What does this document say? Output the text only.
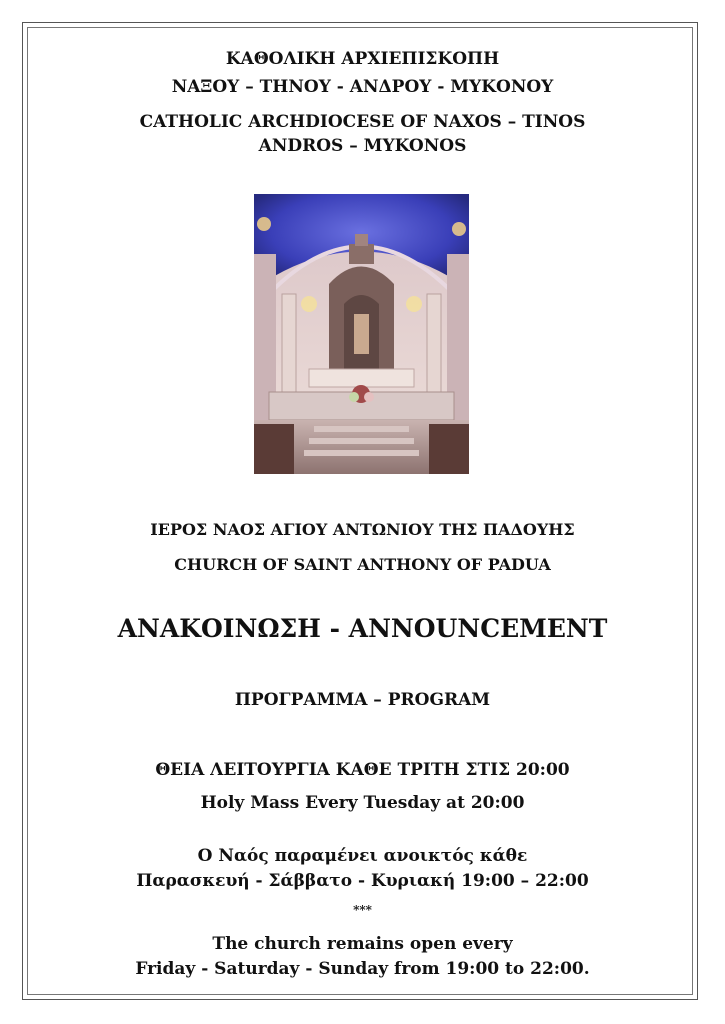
ΚΑΘΟΛΙΚΗ ΑΡΧΙΕΠΙΣΚΟΠΗ
ΝΑΞΟΥ – ΤΗΝΟΥ - ΑΝΔΡΟΥ - ΜΥΚΟΝΟΥ
CATHOLIC ARCHDIOCESE OF NAXOS – TINOS
ANDROS – MYKONOS
ΙΕΡΟΣ ΝΑΟΣ ΑΓΙΟΥ ΑΝΤΩΝΙΟΥ ΤΗΣ ΠΑΔΟΥΗΣ
CHURCH OF SAINT ANTHONY OF PADUA
ΑΝΑΚΟΙΝΩΣΗ - ANNOUNCEMENT
ΠΡΟΓΡΑΜΜΑ – PROGRAM
ΘΕΙΑ ΛΕΙΤΟΥΡΓΙΑ ΚΑΘΕ ΤΡΙΤΗ ΣΤΙΣ 20:00
Holy Mass Every Tuesday at 20:00
Ο Ναός παραμένει ανοικτός κάθε
Παρασκευή - Σάββατο - Κυριακή 19:00 – 22:00
***
The church remains open every
Friday - Saturday - Sunday from 19:00 to 22:00.
